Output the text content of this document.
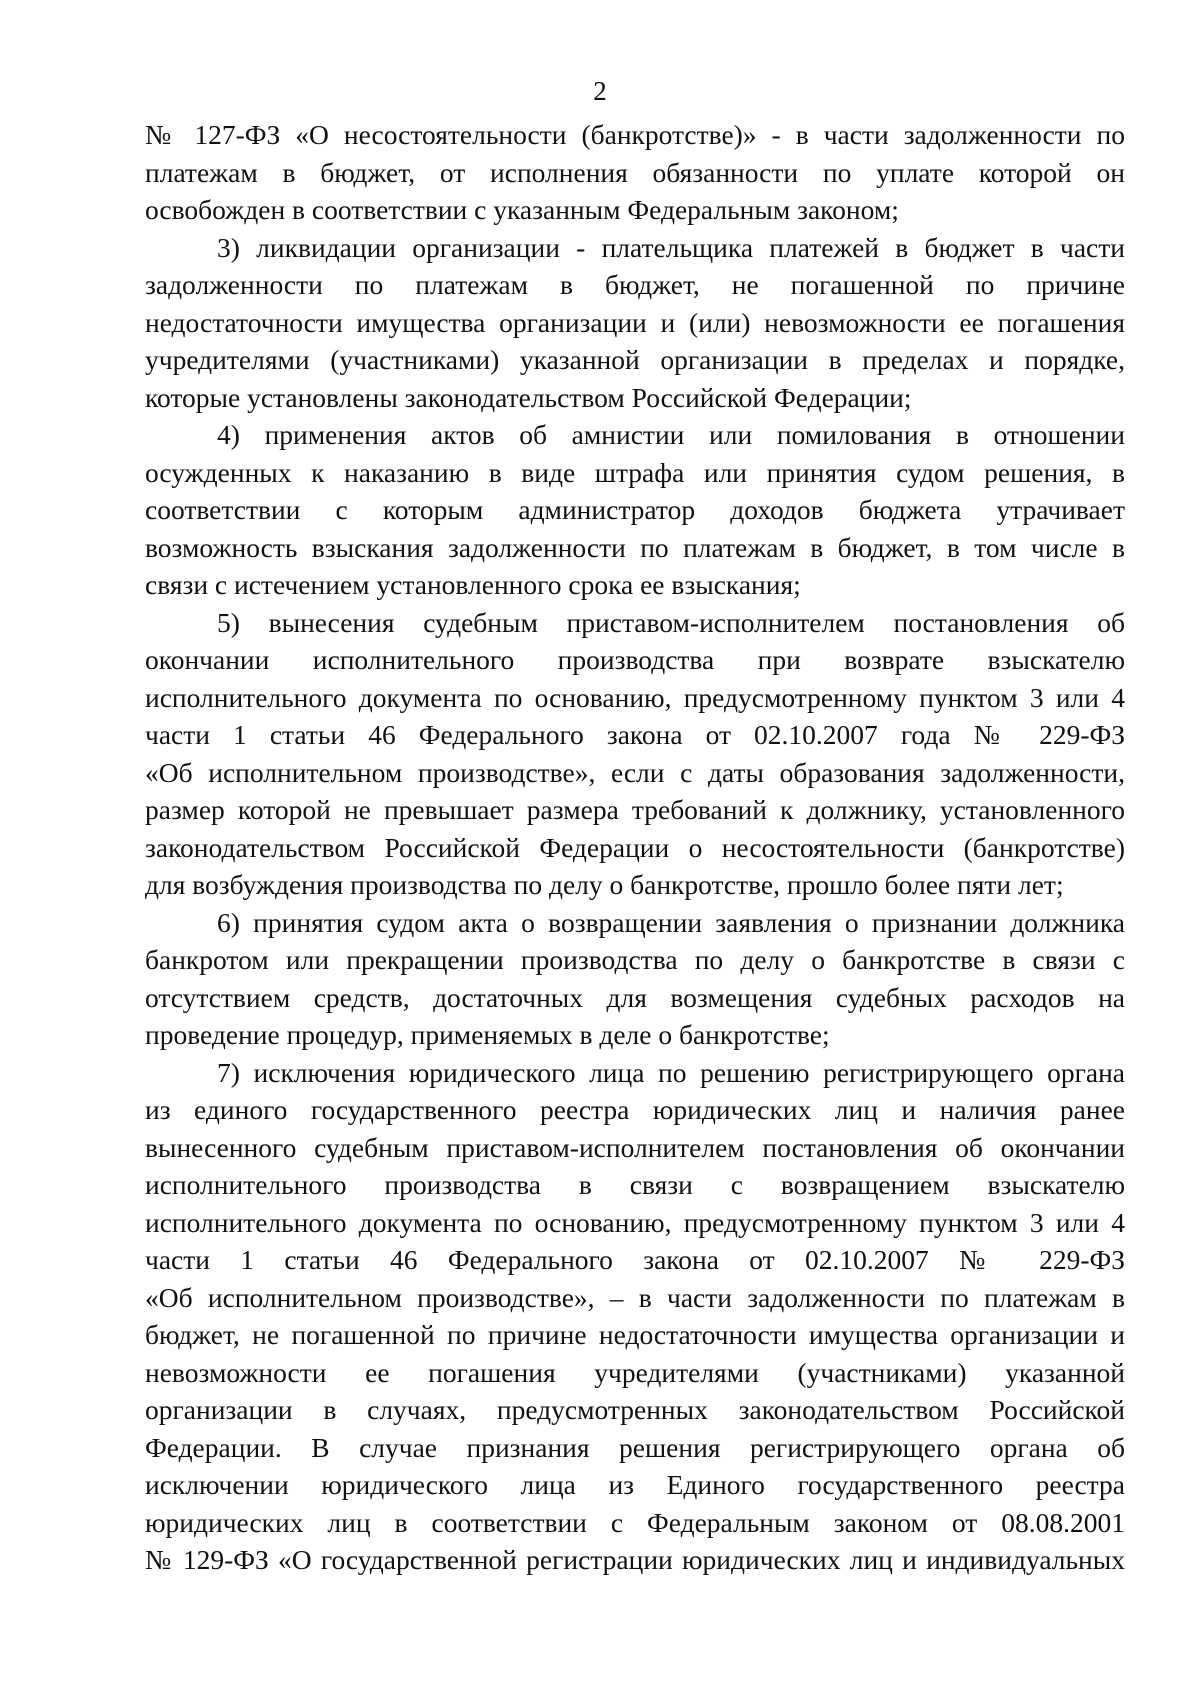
2
№ 127-ФЗ «О несостоятельности (банкротстве)» - в части задолженности по
платежам в бюджет, от исполнения обязанности по уплате которой он
освобожден в соответствии с указанным Федеральным законом;
3) ликвидации организации - плательщика платежей в бюджет в части
задолженности по платежам в бюджет, не погашенной по причине
недостаточности имущества организации и (или) невозможности ее погашения
учредителями (участниками) указанной организации в пределах и порядке,
которые установлены законодательством Российской Федерации;
4) применения актов об амнистии или помилования в отношении
осужденных к наказанию в виде штрафа или принятия судом решения, в
соответствии с которым администратор доходов бюджета утрачивает
возможность взыскания задолженности по платежам в бюджет, в том числе в
связи с истечением установленного срока ее взыскания;
5) вынесения судебным приставом-исполнителем постановления об
окончании исполнительного производства при возврате взыскателю
исполнительного документа по основанию, предусмотренному пунктом 3 или 4
части 1 статьи 46 Федерального закона от 02.10.2007 года № 229-ФЗ
«Об исполнительном производстве», если с даты образования задолженности,
размер которой не превышает размера требований к должнику, установленного
законодательством Российской Федерации о несостоятельности (банкротстве)
для возбуждения производства по делу о банкротстве, прошло более пяти лет;
6) принятия судом акта о возвращении заявления о признании должника
банкротом или прекращении производства по делу о банкротстве в связи с
отсутствием средств, достаточных для возмещения судебных расходов на
проведение процедур, применяемых в деле о банкротстве;
7) исключения юридического лица по решению регистрирующего органа
из единого государственного реестра юридических лиц и наличия ранее
вынесенного судебным приставом-исполнителем постановления об окончании
исполнительного производства в связи с возвращением взыскателю
исполнительного документа по основанию, предусмотренному пунктом 3 или 4
части 1 статьи 46 Федерального закона от 02.10.2007 № 229-ФЗ
«Об исполнительном производстве», – в части задолженности по платежам в
бюджет, не погашенной по причине недостаточности имущества организации и
невозможности ее погашения учредителями (участниками) указанной
организации в случаях, предусмотренных законодательством Российской
Федерации. В случае признания решения регистрирующего органа об
исключении юридического лица из Единого государственного реестра
юридических лиц в соответствии с Федеральным законом от 08.08.2001
№ 129-ФЗ «О государственной регистрации юридических лиц и индивидуальных
